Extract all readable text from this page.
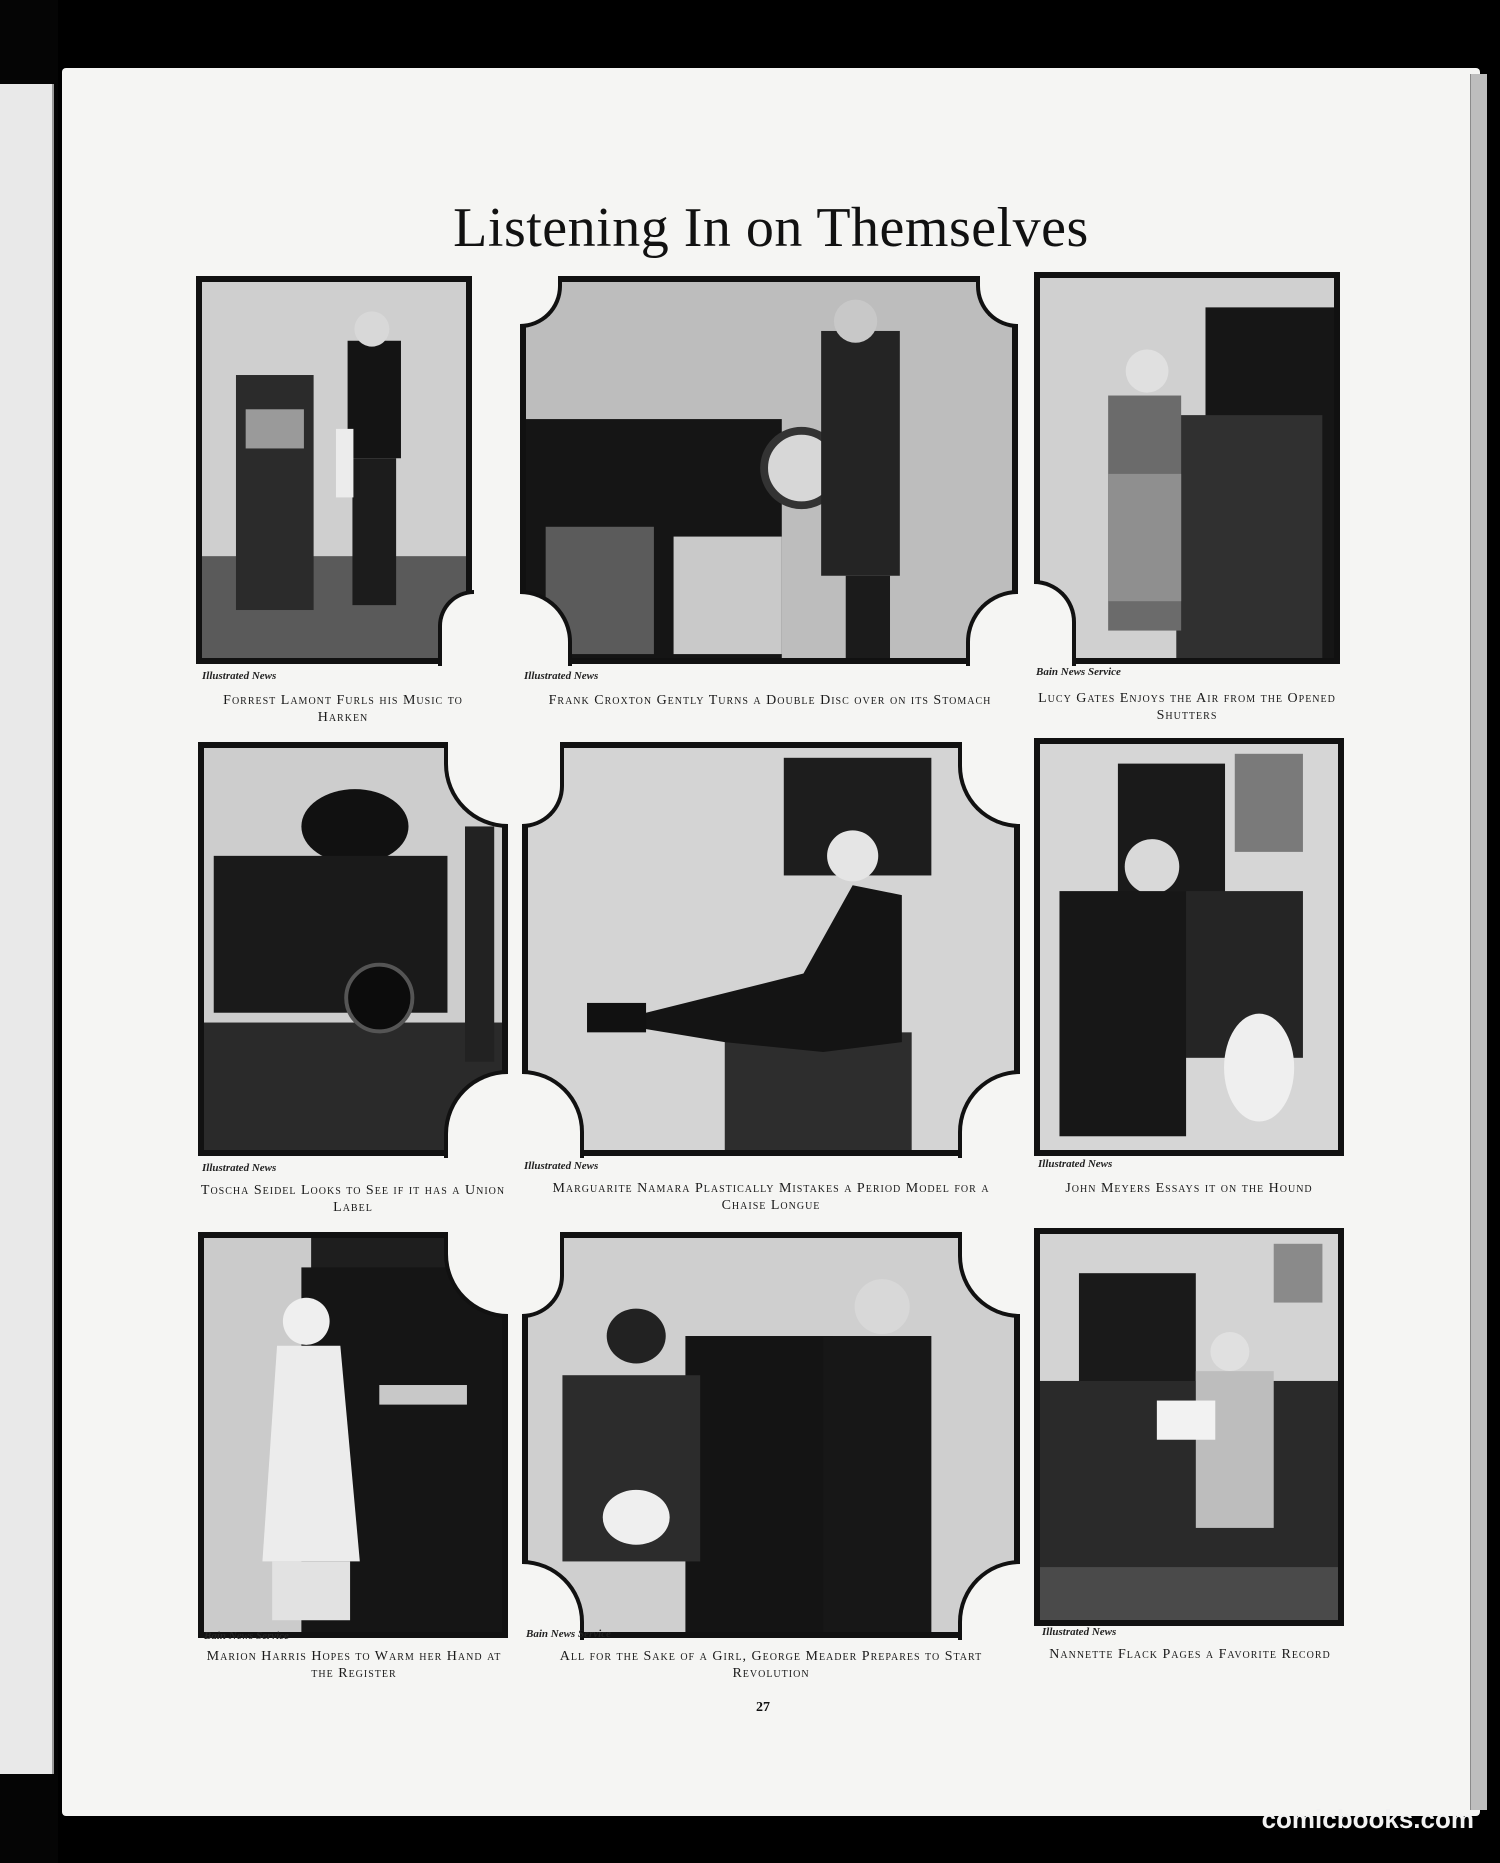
Listening In on Themselves

Illustrated News

Forrest Lamont Furls his Music to Harken

Illustrated News

Frank Croxton Gently Turns a Double Disc over on its Stomach

Bain News Service

Lucy Gates Enjoys the Air from the Opened Shutters

Illustrated News

Toscha Seidel Looks to See if it has a Union Label

Illustrated News

Marguarite Namara Plastically Mistakes a Period Model for a Chaise Longue

Illustrated News

John Meyers Essays it on the Hound

Bain News Service

Marion Harris Hopes to Warm her Hand at the Register

Bain News Service

All for the Sake of a Girl, George Meader Prepares to Start Revolution

Illustrated News

Nannette Flack Pages a Favorite Record

27
comicbooks.com
